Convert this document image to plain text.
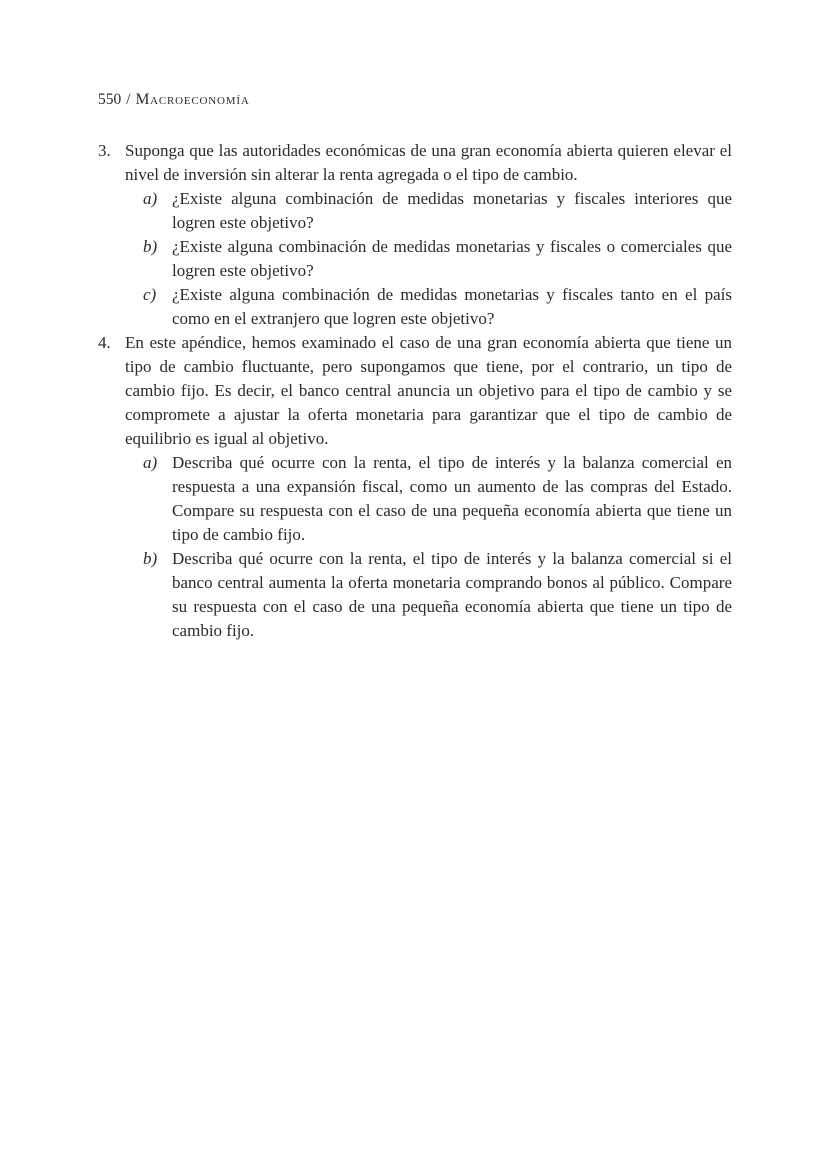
550 / Macroeconomía
3. Suponga que las autoridades económicas de una gran economía abierta quieren elevar el nivel de inversión sin alterar la renta agregada o el tipo de cambio.

a) ¿Existe alguna combinación de medidas monetarias y fiscales interiores que logren este objetivo?

b) ¿Existe alguna combinación de medidas monetarias y fiscales o comerciales que logren este objetivo?

c) ¿Existe alguna combinación de medidas monetarias y fiscales tanto en el país como en el extranjero que logren este objetivo?

4. En este apéndice, hemos examinado el caso de una gran economía abierta que tiene un tipo de cambio fluctuante, pero supongamos que tiene, por el contrario, un tipo de cambio fijo. Es decir, el banco central anuncia un objetivo para el tipo de cambio y se compromete a ajustar la oferta monetaria para garantizar que el tipo de cambio de equilibrio es igual al objetivo.

a) Describa qué ocurre con la renta, el tipo de interés y la balanza comercial en respuesta a una expansión fiscal, como un aumento de las compras del Estado. Compare su respuesta con el caso de una pequeña economía abierta que tiene un tipo de cambio fijo.

b) Describa qué ocurre con la renta, el tipo de interés y la balanza comercial si el banco central aumenta la oferta monetaria comprando bonos al público. Compare su respuesta con el caso de una pequeña economía abierta que tiene un tipo de cambio fijo.
